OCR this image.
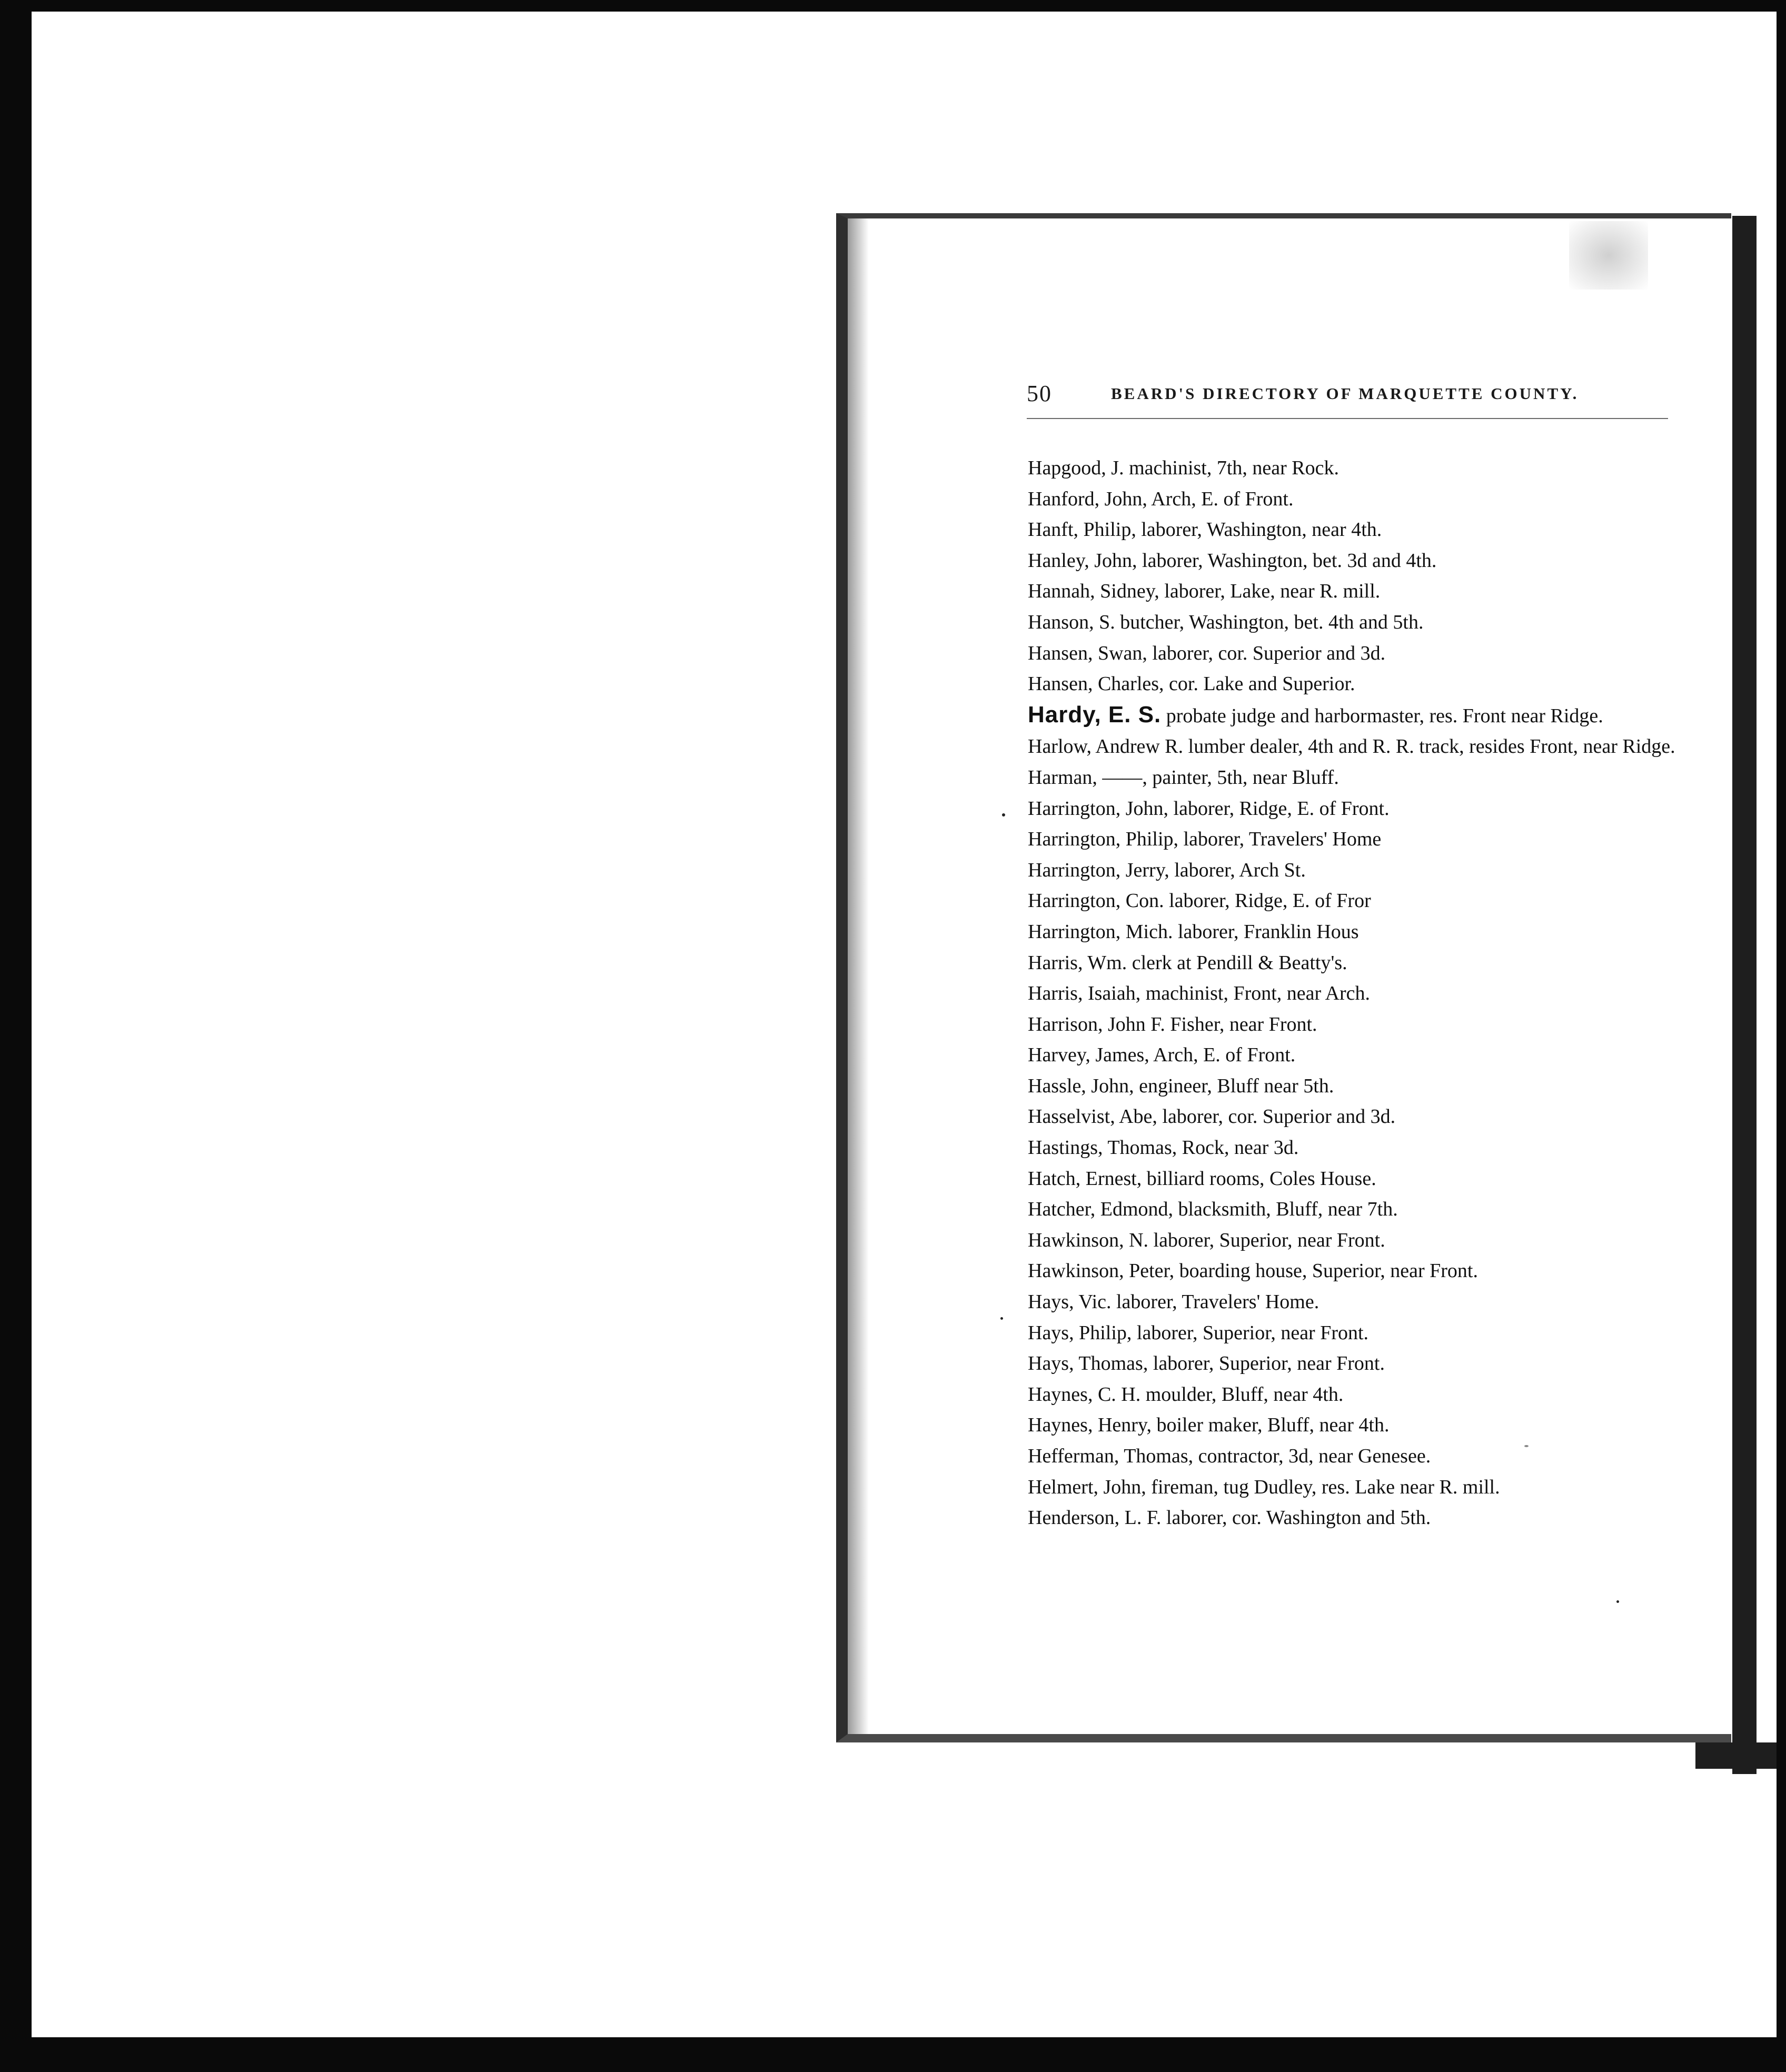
50	BEARD'S DIRECTORY OF MARQUETTE COUNTY.
Hapgood, J. machinist, 7th, near Rock.
Hanford, John, Arch, E. of Front.
Hanft, Philip, laborer, Washington, near 4th.
Hanley, John, laborer, Washington, bet. 3d and 4th.
Hannah, Sidney, laborer, Lake, near R. mill.
Hanson, S. butcher, Washington, bet. 4th and 5th.
Hansen, Swan, laborer, cor. Superior and 3d.
Hansen, Charles, cor. Lake and Superior.
Hardy, E. S. probate judge and harbormaster, res. Front near Ridge.
Harlow, Andrew R. lumber dealer, 4th and R. R. track, resides Front, near Ridge.
Harman, ——, painter, 5th, near Bluff.
Harrington, John, laborer, Ridge, E. of Front.
Harrington, Philip, laborer, Travelers' Home
Harrington, Jerry, laborer, Arch St.
Harrington, Con. laborer, Ridge, E. of Fror
Harrington, Mich. laborer, Franklin Hous
Harris, Wm. clerk at Pendill & Beatty's.
Harris, Isaiah, machinist, Front, near Arch.
Harrison, John F. Fisher, near Front.
Harvey, James, Arch, E. of Front.
Hassle, John, engineer, Bluff near 5th.
Hasselvist, Abe, laborer, cor. Superior and 3d.
Hastings, Thomas, Rock, near 3d.
Hatch, Ernest, billiard rooms, Coles House.
Hatcher, Edmond, blacksmith, Bluff, near 7th.
Hawkinson, N. laborer, Superior, near Front.
Hawkinson, Peter, boarding house, Superior, near Front.
Hays, Vic. laborer, Travelers' Home.
Hays, Philip, laborer, Superior, near Front.
Hays, Thomas, laborer, Superior, near Front.
Haynes, C. H. moulder, Bluff, near 4th.
Haynes, Henry, boiler maker, Bluff, near 4th.
Hefferman, Thomas, contractor, 3d, near Genesee.
Helmert, John, fireman, tug Dudley, res. Lake near R. mill.
Henderson, L. F. laborer, cor. Washington and 5th.
